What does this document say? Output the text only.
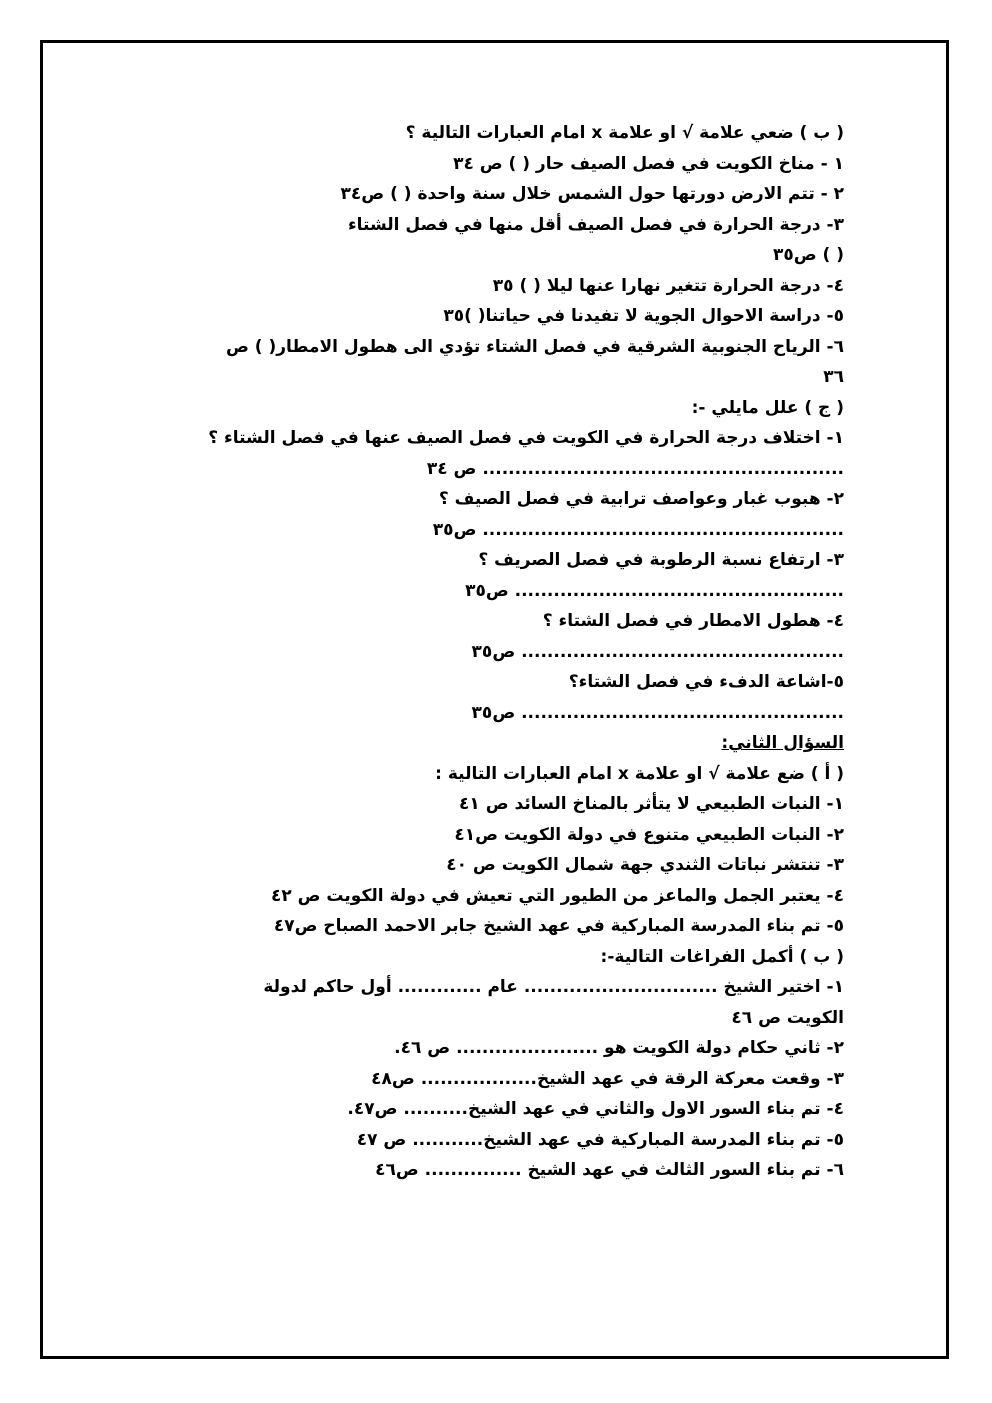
( ب ) ضعي علامة √ او علامة x امام العبارات التالية ؟
١ - مناخ الكويت في فصل الصيف حار ( ) ص ٣٤
٢ - تتم الارض دورتها حول الشمس خلال سنة واحدة ( ) ص٣٤
٣- درجة الحرارة في فصل الصيف أقل منها في فصل الشتاء
( ) ص٣٥
٤- درجة الحرارة تتغير نهارا عنها ليلا ( ) ٣٥
٥- دراسة الاحوال الجوية لا تفيدنا في حياتنا( )٣٥
٦- الرياح الجنوبية الشرقية في فصل الشتاء تؤدي الى هطول الامطار( ) ص
٣٦
( ج ) علل مايلي -:
١- اختلاف درجة الحرارة في الكويت في فصل الصيف عنها في فصل الشتاء ؟
........................................................ ص ٣٤
٢- هبوب غبار وعواصف ترابية في فصل الصيف ؟
........................................................ ص٣٥
٣- ارتفاع نسبة الرطوبة في فصل الصريف ؟
................................................... ص٣٥
٤- هطول الامطار في فصل الشتاء ؟
.................................................. ص٣٥
٥-اشاعة الدفء في فصل الشتاء؟
.................................................. ص٣٥
السؤال الثاني:
( أ ) ضع علامة √ او علامة x امام العبارات التالية :
١- النبات الطبيعي لا يتأثر بالمناخ السائد ص ٤١
٢- النبات الطبيعي متنوع في دولة الكويت ص٤١
٣- تنتشر نباتات الثندي جهة شمال الكويت ص ٤٠
٤- يعتبر الجمل والماعز من الطيور التي تعيش في دولة الكويت ص ٤٢
٥- تم بناء المدرسة المباركية في عهد الشيخ جابر الاحمد الصباح ص٤٧
( ب ) أكمل الفراغات التالية-:
١- اختير الشيخ .............................. عام ............. أول حاكم لدولة
الكويت ص ٤٦
٢- ثاني حكام دولة الكويت هو ...................... ص ٤٦.
٣- وقعت معركة الرقة في عهد الشيخ.................. ص٤٨
٤- تم بناء السور الاول والثاني في عهد الشيخ.......... ص٤٧.
٥- تم بناء المدرسة المباركية في عهد الشيخ........... ص ٤٧
٦- تم بناء السور الثالث في عهد الشيخ ............... ص٤٦
